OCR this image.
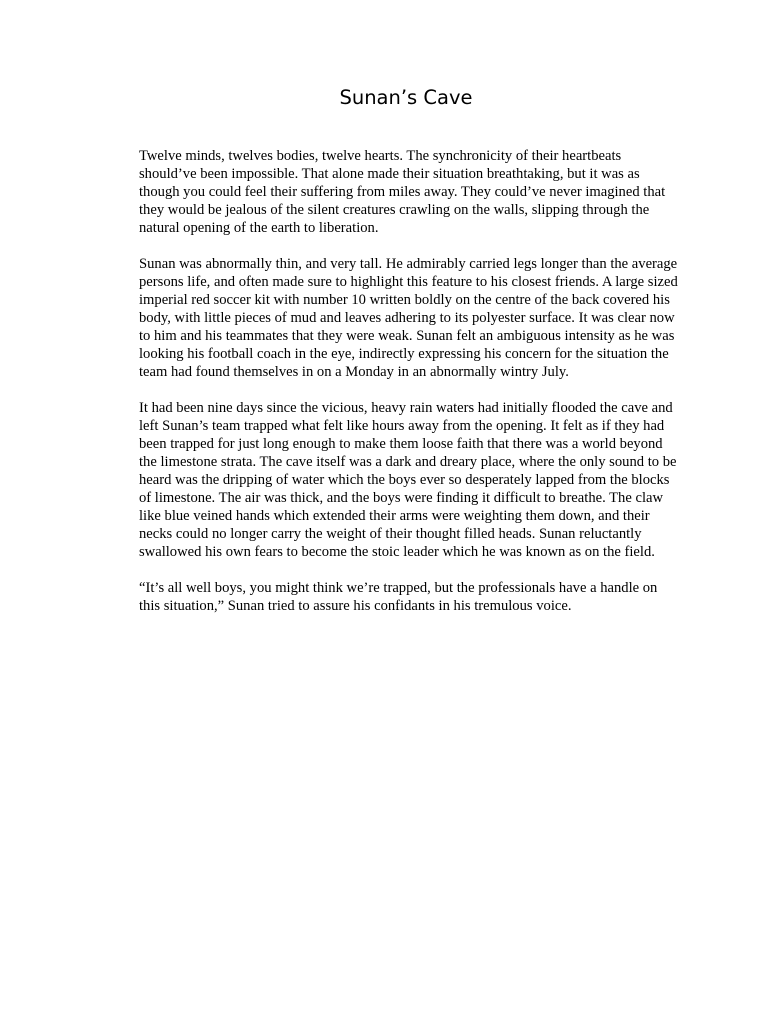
Sunan’s Cave

Twelve minds, twelves bodies, twelve hearts. The synchronicity of their heartbeats should’ve been impossible. That alone made their situation breathtaking, but it was as though you could feel their suffering from miles away. They could’ve never imagined that they would be jealous of the silent creatures crawling on the walls, slipping through the natural opening of the earth to liberation.

Sunan was abnormally thin, and very tall. He admirably carried legs longer than the average persons life, and often made sure to highlight this feature to his closest friends. A large sized imperial red soccer kit with number 10 written boldly on the centre of the back covered his body, with little pieces of mud and leaves adhering to its polyester surface. It was clear now to him and his teammates that they were weak. Sunan felt an ambiguous intensity as he was looking his football coach in the eye, indirectly expressing his concern for the situation the team had found themselves in on a Monday in an abnormally wintry July.

It had been nine days since the vicious, heavy rain waters had initially flooded the cave and left Sunan’s team trapped what felt like hours away from the opening. It felt as if they had been trapped for just long enough to make them loose faith that there was a world beyond the limestone strata. The cave itself was a dark and dreary place, where the only sound to be heard was the dripping of water which the boys ever so desperately lapped from the blocks of limestone. The air was thick, and the boys were finding it difficult to breathe. The claw like blue veined hands which extended their arms were weighting them down, and their necks could no longer carry the weight of their thought filled heads. Sunan reluctantly swallowed his own fears to become the stoic leader which he was known as on the field.

“It’s all well boys, you might think we’re trapped, but the professionals have a handle on this situation,” Sunan tried to assure his confidants in his tremulous voice.
